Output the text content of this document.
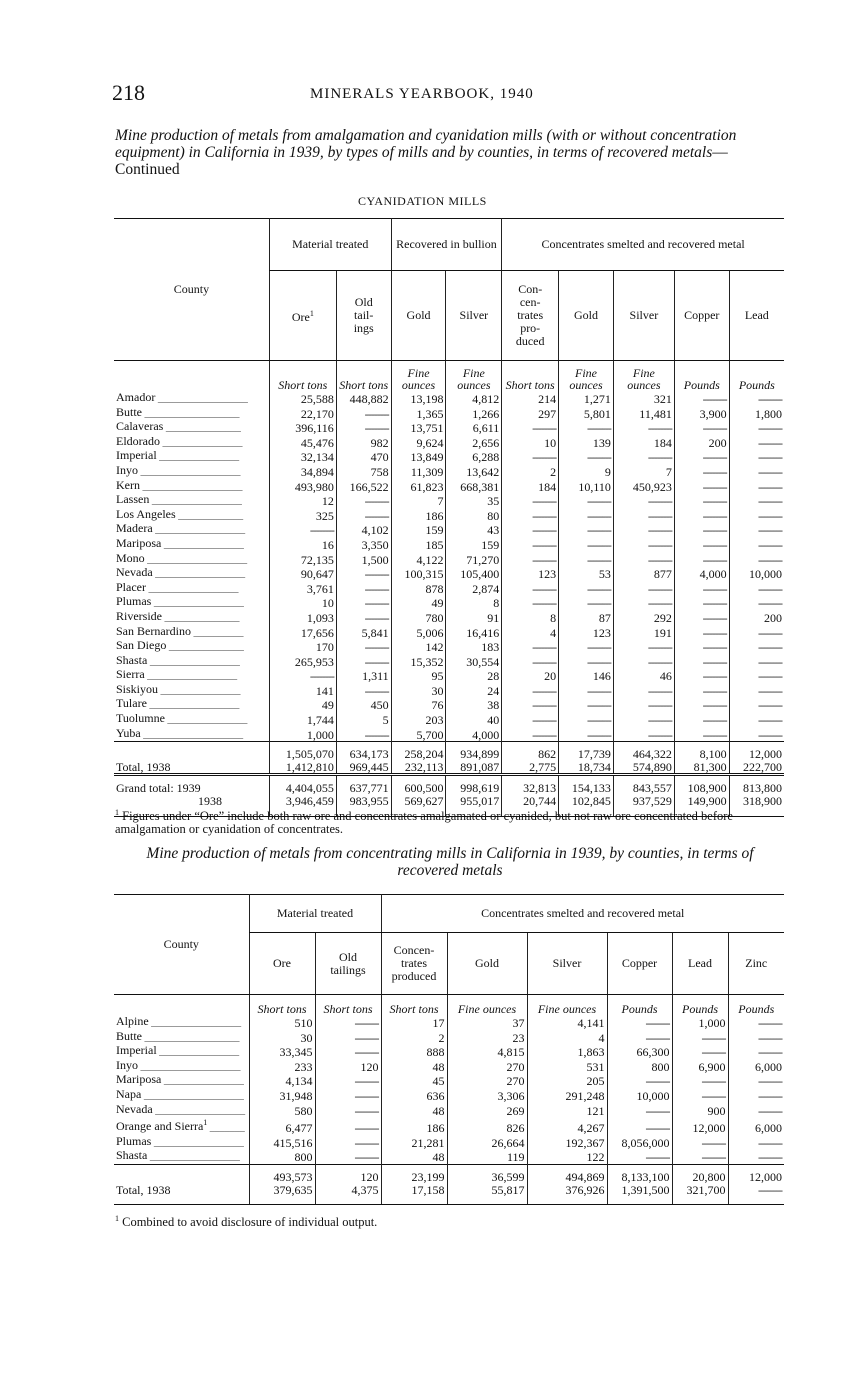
218	MINERALS YEARBOOK, 1940
Mine production of metals from amalgamation and cyanidation mills (with or without concentration equipment) in California in 1939, by types of mills and by counties, in terms of recovered metals—Continued
CYANIDATION MILLS
County	Material treated		Recovered in bullion		Concentrates smelted and recovered metal				
	Ore$^1$	Old tail-ings	Gold	Silver	Con-cen-trates pro-duced	Gold	Silver	Copper	Lead
	Short tons	Short tons	Fine ounces	Fine ounces	Short tons	Fine ounces	Fine ounces	Pounds	Pounds
Amador __________________	25,588	448,882	13,198	4,812	214	1,271	321	--------	--------
Butte ___________________	22,170	--------	1,365	1,266	297	5,801	11,481	3,900	1,800
Calaveras _______________	396,116	--------	13,751	6,611	--------	--------	--------	--------	--------
Eldorado ________________	45,476	982	9,624	2,656	10	139	184	200	--------
Imperial ________________	32,134	470	13,849	6,288	--------	--------	--------	--------	--------
Inyo ____________________	34,894	758	11,309	13,642	2	9	7	--------	--------
Kern ____________________	493,980	166,522	61,823	668,381	184	10,110	450,923	--------	--------
Lassen __________________	12	--------	7	35	--------	--------	--------	--------	--------
Los Angeles _____________	325	--------	186	80	--------	--------	--------	--------	--------
Madera __________________	--------	4,102	159	43	--------	--------	--------	--------	--------
Mariposa ________________	16	3,350	185	159	--------	--------	--------	--------	--------
Mono ____________________	72,135	1,500	4,122	71,270	--------	--------	--------	--------	--------
Nevada __________________	90,647	--------	100,315	105,400	123	53	877	4,000	10,000
Placer __________________	3,761	--------	878	2,874	--------	--------	--------	--------	--------
Plumas __________________	10	--------	49	8	--------	--------	--------	--------	--------
Riverside _______________	1,093	--------	780	91	8	87	292	--------	200
San Bernardino __________	17,656	5,841	5,006	16,416	4	123	191	--------	--------
San Diego _______________	170	--------	142	183	--------	--------	--------	--------	--------
Shasta __________________	265,953	--------	15,352	30,554	--------	--------	--------	--------	--------
Sierra __________________	--------	1,311	95	28	20	146	46	--------	--------
Siskiyou ________________	141	--------	30	24	--------	--------	--------	--------	--------
Tulare __________________	49	450	76	38	--------	--------	--------	--------	--------
Tuolumne ________________	1,744	5	203	40	--------	--------	--------	--------	--------
Yuba ____________________	1,000	--------	5,700	4,000	--------	--------	--------	--------	--------
	1,505,070	634,173	258,204	934,899	862	17,739	464,322	8,100	12,000
Total, 1938	1,412,810	969,445	232,113	891,087	2,775	18,734	574,890	81,300	222,700
Grand total: 1939	4,404,055	637,771	600,500	998,619	32,813	154,133	843,557	108,900	813,800
1938	3,946,459	983,955	569,627	955,017	20,744	102,845	937,529	149,900	318,900
$^1$ Figures under “Ore” include both raw ore and concentrates amalgamated or cyanided, but not raw ore concentrated before amalgamation or cyanidation of concentrates.
Mine production of metals from concentrating mills in California in 1939, by counties, in terms of recovered metals
County	Material treated		Concentrates smelted and recovered metal					
	Ore	Old tailings	Concen-trates produced	Gold	Silver	Copper	Lead	Zinc
	Short tons	Short tons	Short tons	Fine ounces	Fine ounces	Pounds	Pounds	Pounds
Alpine __________________	510	--------	17	37	4,141	--------	1,000	--------
Butte ___________________	30	--------	2	23	4	--------	--------	--------
Imperial ________________	33,345	--------	888	4,815	1,863	66,300	--------	--------
Inyo ____________________	233	120	48	270	531	800	6,900	6,000
Mariposa ________________	4,134	--------	45	270	205	--------	--------	--------
Napa ____________________	31,948	--------	636	3,306	291,248	10,000	--------	--------
Nevada __________________	580	--------	48	269	121	--------	900	--------
Orange and Sierra$^1$ _______	6,477	--------	186	826	4,267	--------	12,000	6,000
Plumas __________________	415,516	--------	21,281	26,664	192,367	8,056,000	--------	--------
Shasta __________________	800	--------	48	119	122	--------	--------	--------
	493,573	120	23,199	36,599	494,869	8,133,100	20,800	12,000
Total, 1938	379,635	4,375	17,158	55,817	376,926	1,391,500	321,700	--------
$^1$ Combined to avoid disclosure of individual output.
